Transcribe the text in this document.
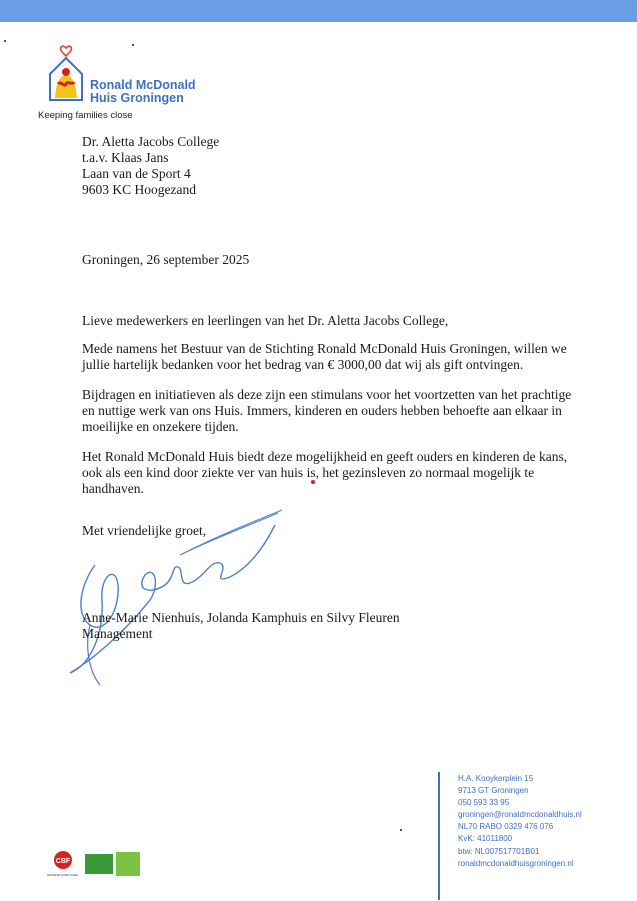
Ronald McDonald
Huis Groningen
Keeping families close
Dr. Aletta Jacobs College
t.a.v. Klaas Jans
Laan van de Sport 4
9603 KC Hoogezand
Groningen, 26 september 2025

Lieve medewerkers en leerlingen van het Dr. Aletta Jacobs College,

Mede namens het Bestuur van de Stichting Ronald McDonald Huis Groningen, willen we jullie hartelijk bedanken voor het bedrag van € 3000,00 dat wij als gift ontvingen.

Bijdragen en initiatieven als deze zijn een stimulans voor het voortzetten van het prachtige en nuttige werk van ons Huis. Immers, kinderen en ouders hebben behoefte aan elkaar in moeilijke en onzekere tijden.

Het Ronald McDonald Huis biedt deze mogelijkheid en geeft ouders en kinderen de kans, ook als een kind door ziekte ver van huis is, het gezinsleven zo normaal mogelijk te handhaven.

Met vriendelijke groet,
Anne-Marie Nienhuis, Jolanda Kamphuis en Silvy Fleuren
Management
H.A. Kooykerplein 15
9713 GT Groningen
050 593 33 95
groningen@ronaldmcdonaldhuis.nl
NL70 RABO 0329 476 076
KvK: 41011800
btw: NL007517701B01
ronaldmcdonaldhuisgroningen.nl
CBF
ERKEND GOED DOEL
